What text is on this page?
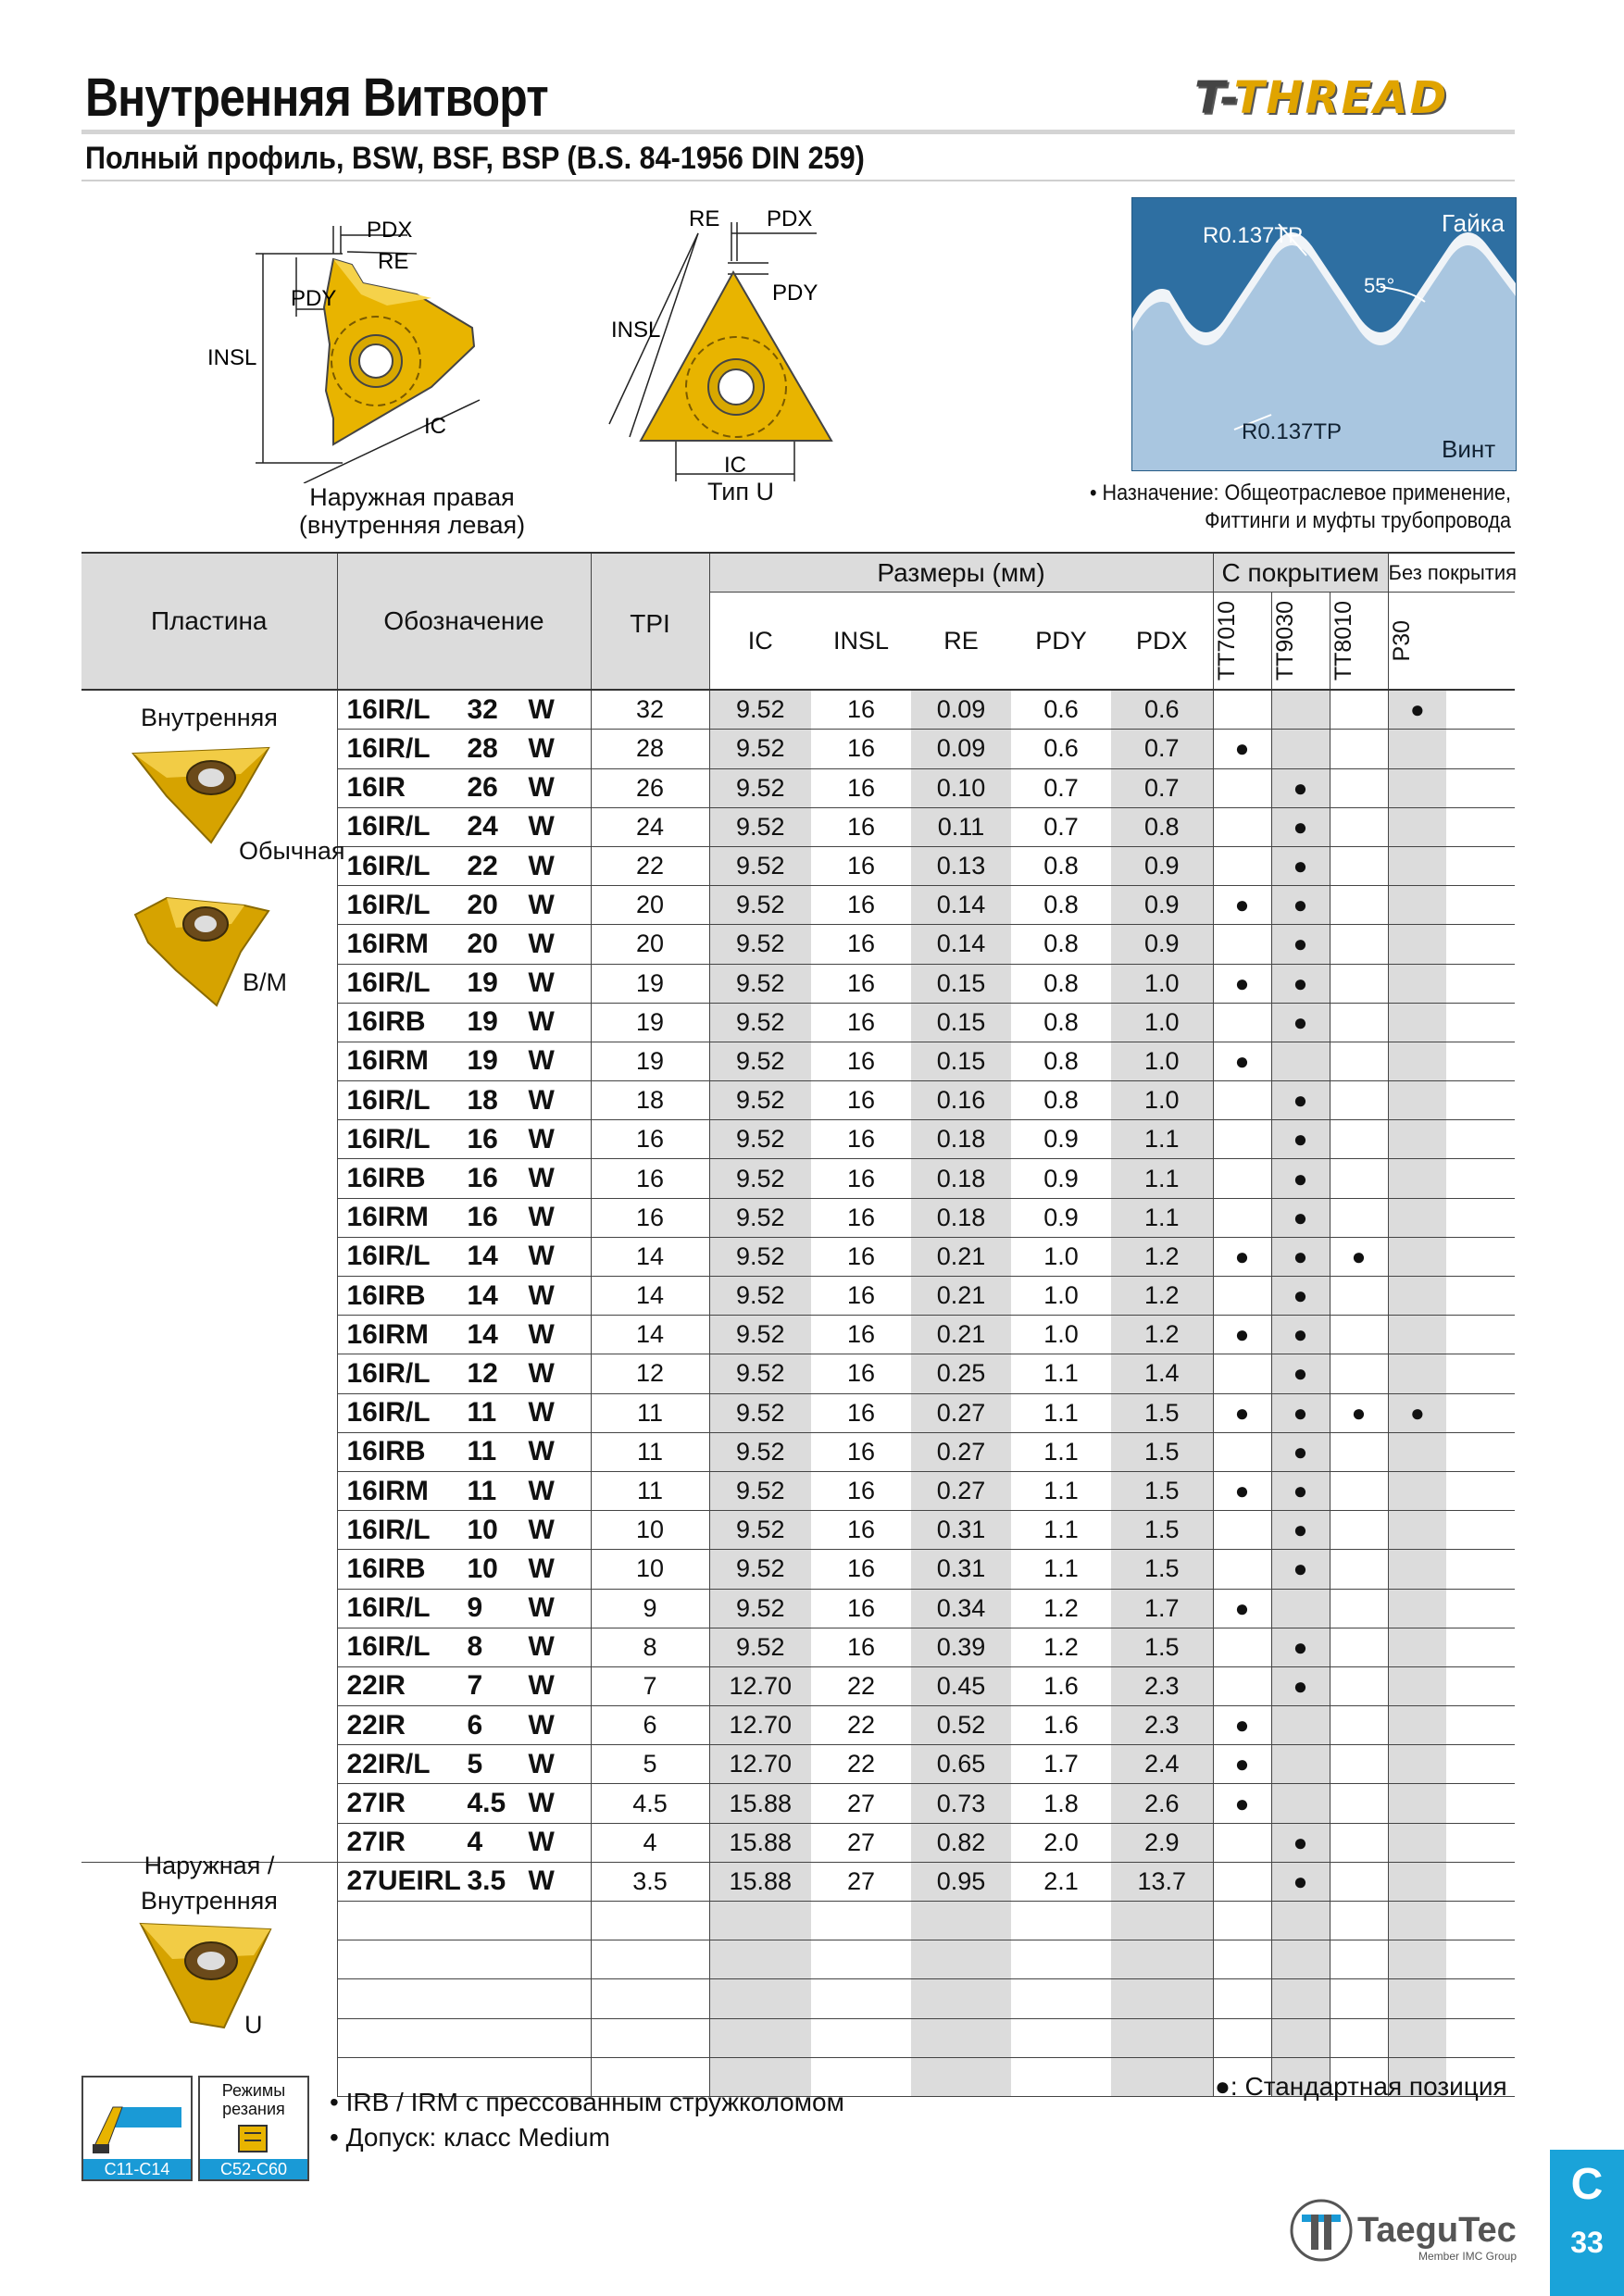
Внутренняя Витворт	T-THREAD
Полный профиль, BSW, BSF, BSP (B.S. 84-1956 DIN 259)
PDX
RE
PDY
INSL
IC
Наружная правая
(внутренняя левая)
RE PDX
PDY
INSL
IC
Тип U
Гайка
R0.137TP
55°
R0.137TP
Винт
• Назначение: Общеотраслевое применение,
Фиттинги и муфты трубопровода
Пластина	Обозначение	TPI	Размеры (мм)					С покрытием			Без покрытия	
			IC	INSL	RE	PDY	PDX	TT7010	TT9030	TT8010	P30	

	16IR/L 32 W	32	9.52	16	0.09	0.6	0.6				●	
	16IR/L 28 W	28	9.52	16	0.09	0.6	0.7	●				
	16IR 26 W	26	9.52	16	0.10	0.7	0.7		●			
	16IR/L 24 W	24	9.52	16	0.11	0.7	0.8		●			
	16IR/L 22 W	22	9.52	16	0.13	0.8	0.9		●			
	16IR/L 20 W	20	9.52	16	0.14	0.8	0.9	●	●			
	16IRM 20 W	20	9.52	16	0.14	0.8	0.9		●			
	16IR/L 19 W	19	9.52	16	0.15	0.8	1.0	●	●			
	16IRB 19 W	19	9.52	16	0.15	0.8	1.0		●			
	16IRM 19 W	19	9.52	16	0.15	0.8	1.0	●				
	16IR/L 18 W	18	9.52	16	0.16	0.8	1.0		●			
	16IR/L 16 W	16	9.52	16	0.18	0.9	1.1		●			
	16IRB 16 W	16	9.52	16	0.18	0.9	1.1		●			
	16IRM 16 W	16	9.52	16	0.18	0.9	1.1		●			
	16IR/L 14 W	14	9.52	16	0.21	1.0	1.2	●	●	●		
	16IRB 14 W	14	9.52	16	0.21	1.0	1.2		●			
	16IRM 14 W	14	9.52	16	0.21	1.0	1.2	●	●			
	16IR/L 12 W	12	9.52	16	0.25	1.1	1.4		●			
	16IR/L 11 W	11	9.52	16	0.27	1.1	1.5	●	●	●	●	
	16IRB 11 W	11	9.52	16	0.27	1.1	1.5		●			
	16IRM 11 W	11	9.52	16	0.27	1.1	1.5	●	●			
	16IR/L 10 W	10	9.52	16	0.31	1.1	1.5		●			
	16IRB 10 W	10	9.52	16	0.31	1.1	1.5		●			
	16IR/L 9 W	9	9.52	16	0.34	1.2	1.7	●				
	16IR/L 8 W	8	9.52	16	0.39	1.2	1.5		●			
	22IR 7 W	7	12.70	22	0.45	1.6	2.3		●			
	22IR 6 W	6	12.70	22	0.52	1.6	2.3	●				
	22IR/L 5 W	5	12.70	22	0.65	1.7	2.4	●				
	27IR 4.5 W	4.5	15.88	27	0.73	1.8	2.6	●				
	27IR 4 W	4	15.88	27	0.82	2.0	2.9		●			
	27UEIRL 3.5 W	3.5	15.88	27	0.95	2.1	13.7		●			

Внутренняя
Обычная
B/M
Наружная /
Внутренняя
U
C11-C14
Режимы
резания
C52-C60
• IRB / IRM с прессованным стружколомом
• Допуск: класс Medium
●: Стандартная позиция
TaeguTec
Member IMC Group
C
33
